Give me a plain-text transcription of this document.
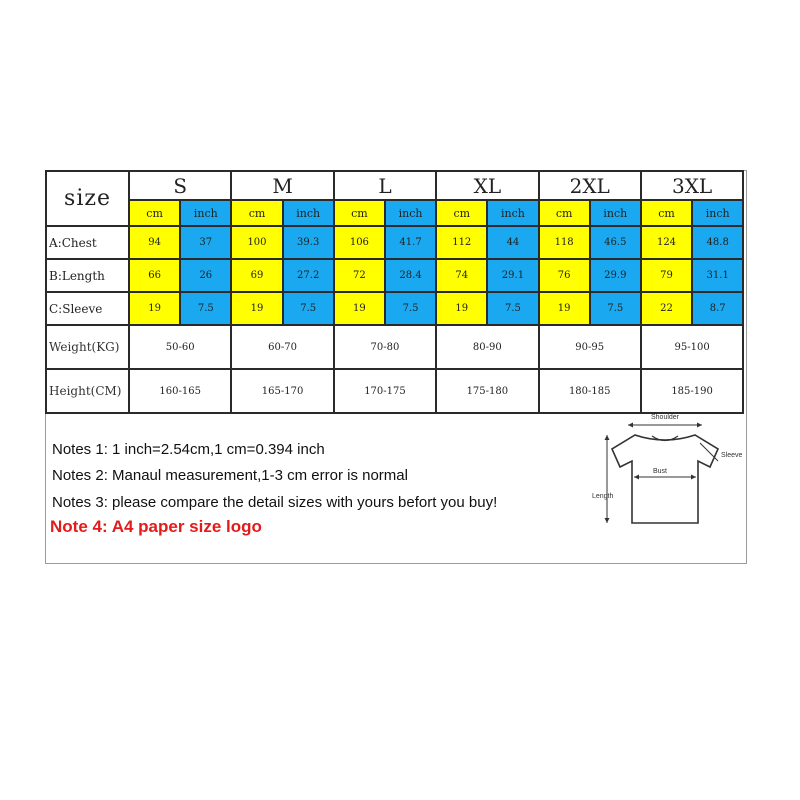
size	S		M		L		XL		2XL		3XL	
	cm	inch	cm	inch	cm	inch	cm	inch	cm	inch	cm	inch
A:Chest	94	37	100	39.3	106	41.7	112	44	118	46.5	124	48.8
B:Length	66	26	69	27.2	72	28.4	74	29.1	76	29.9	79	31.1
C:Sleeve	19	7.5	19	7.5	19	7.5	19	7.5	19	7.5	22	8.7
Weight(KG)	50-60		60-70		70-80		80-90		90-95		95-100	
Height(CM)	160-165		165-170		170-175		175-180		180-185		185-190	
Notes 1: 1 inch=2.54cm,1 cm=0.394 inch
Notes 2: Manaul measurement,1-3 cm error is normal
Notes 3: please compare the detail sizes with yours befort you buy!
Note 4: A4 paper size logo
Shoulder
Bust
Sleeve
Length
